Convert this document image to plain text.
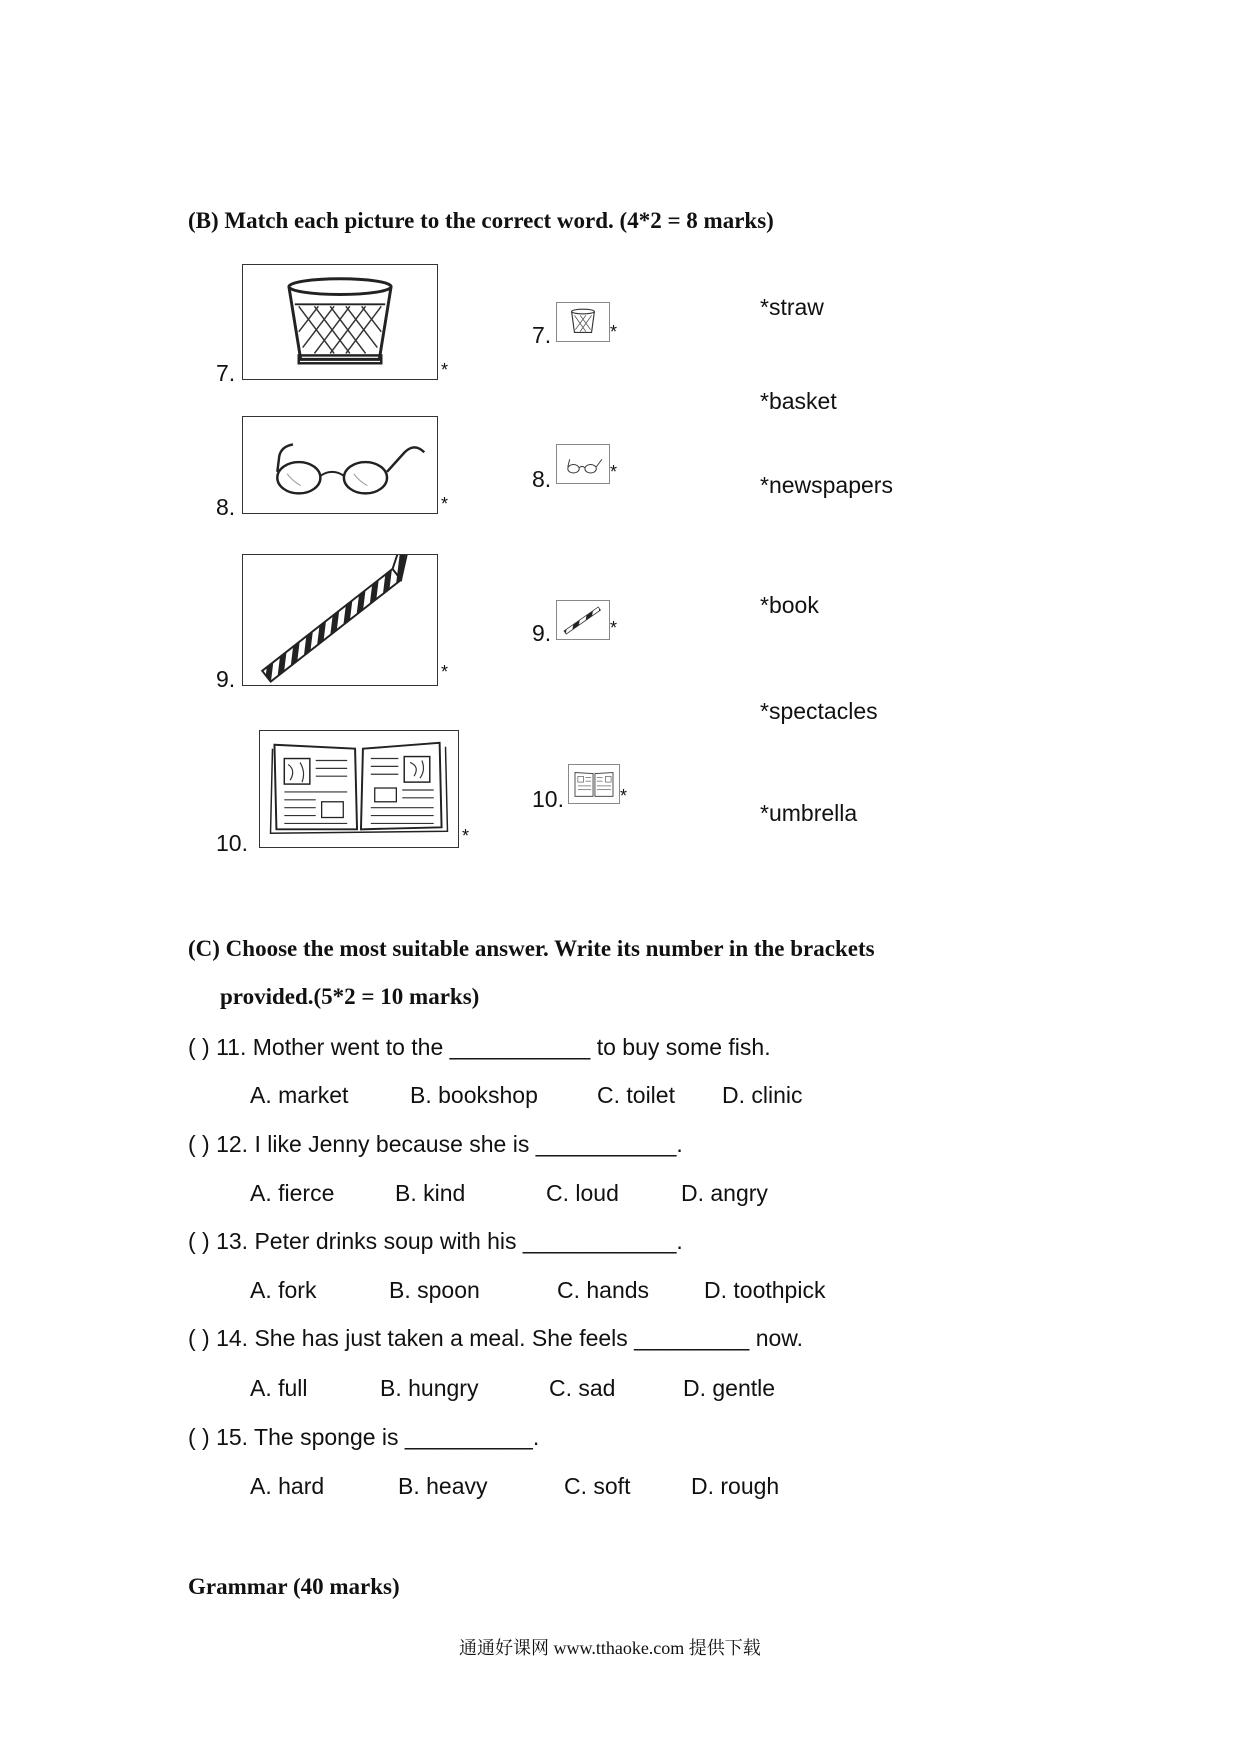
(B) Match each picture to the correct word. (4*2 = 8 marks)
7.	*
7.	*
8.	*
8.	*
9.	*
9.	*
10.	*
10.	*
*straw
*basket
*newspapers
*book
*spectacles
*umbrella
(C) Choose the most suitable answer. Write its number in the brackets
provided.(5*2 = 10 marks)
( ) 11. Mother went to the ___________ to buy some fish.
A. market	B. bookshop	C. toilet D. clinic
( ) 12. I like Jenny because she is ___________.
A. fierce	B. kind	C. loud	D. angry
( ) 13. Peter drinks soup with his ____________.
A. fork	B. spoon	C. hands D. toothpick
( ) 14. She has just taken a meal. She feels _________ now.
A. full	B. hungry	C. sad	D. gentle
( ) 15. The sponge is __________.
A. hard	B. heavy	C. soft	D. rough
Grammar (40 marks)
通通好课网 www.tthaoke.com 提供下载
